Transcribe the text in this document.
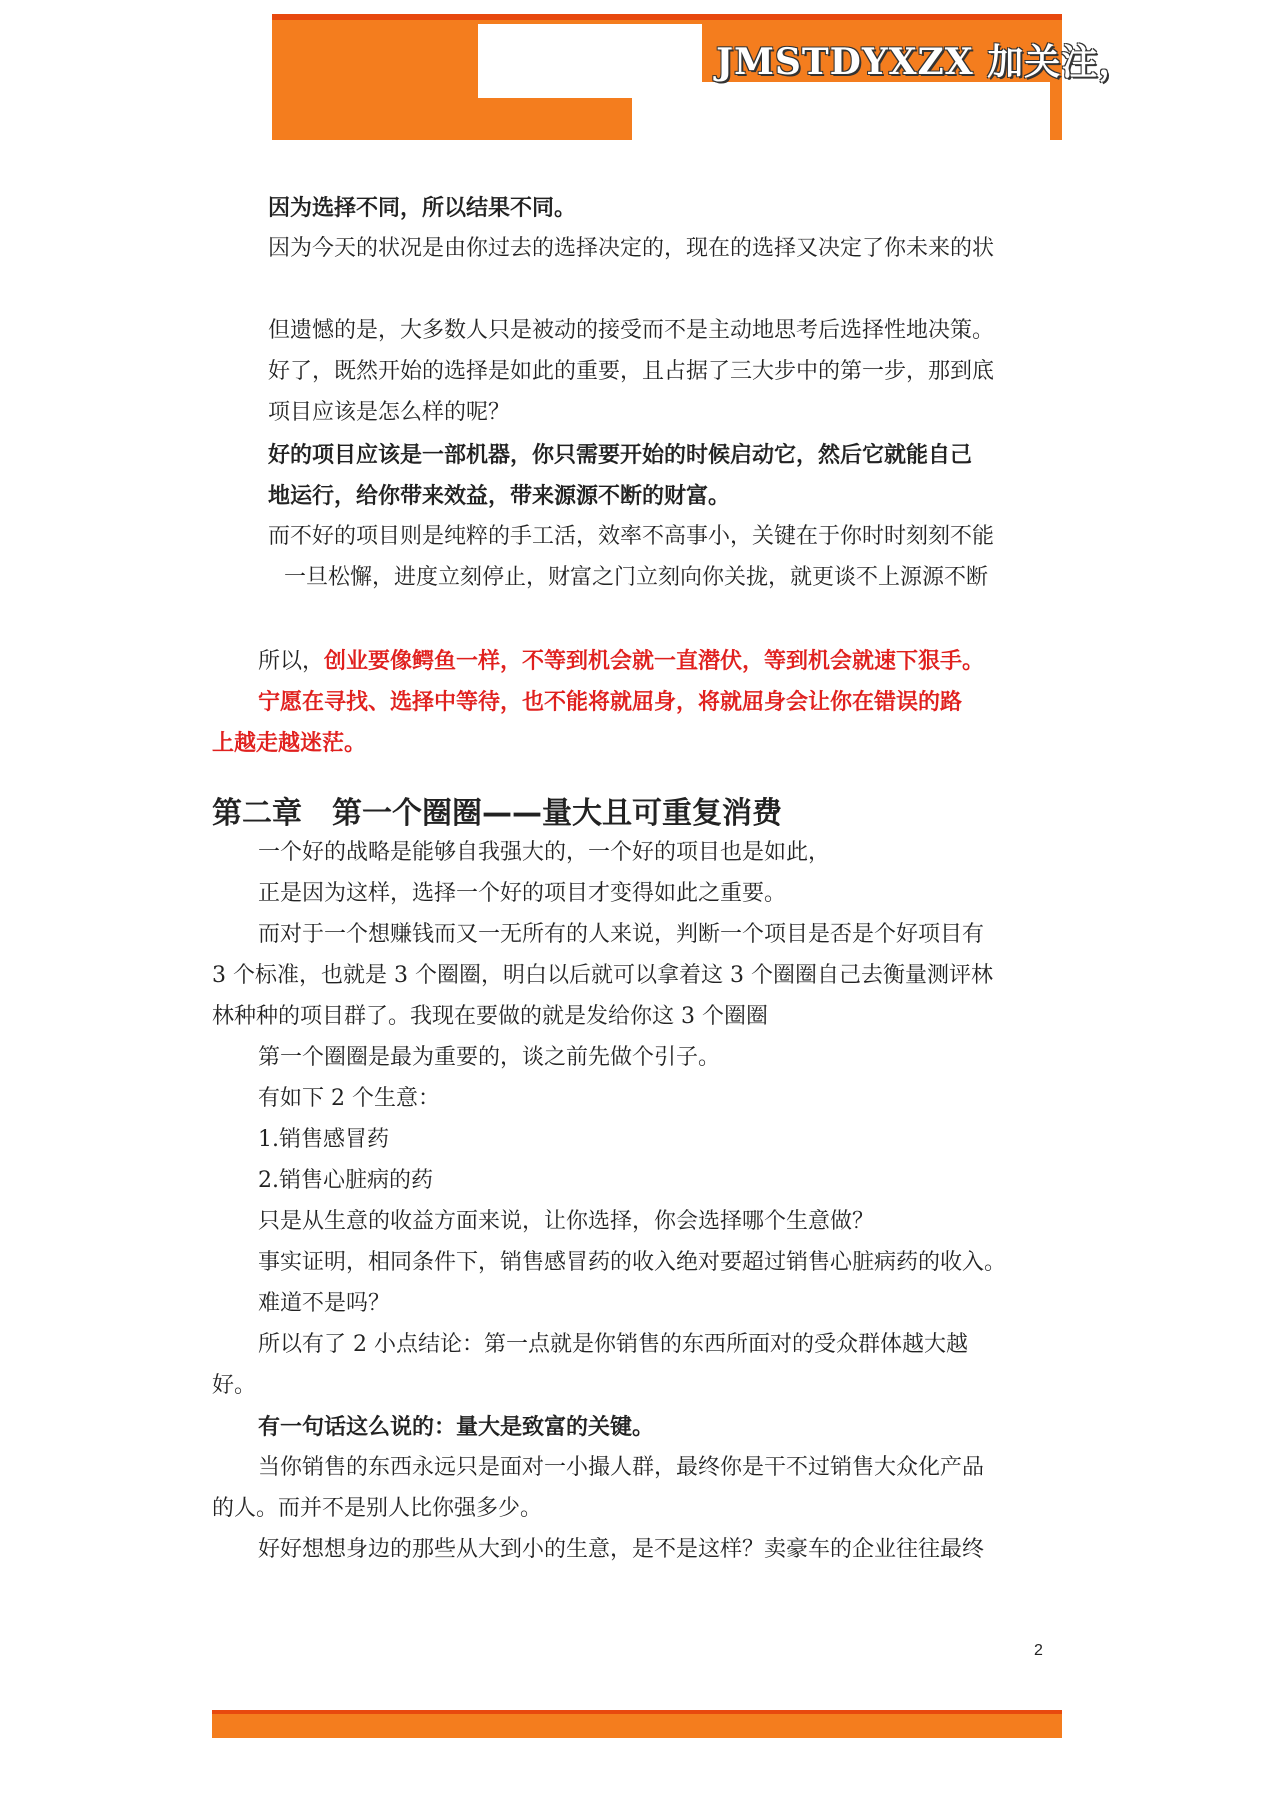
JMSTDYXZX 加关注，
因为选择不同，所以结果不同。
因为今天的状况是由你过去的选择决定的，现在的选择又决定了你未来的状
但遗憾的是，大多数人只是被动的接受而不是主动地思考后选择性地决策。
好了，既然开始的选择是如此的重要，且占据了三大步中的第一步，那到底
项目应该是怎么样的呢？
好的项目应该是一部机器，你只需要开始的时候启动它，然后它就能自己
地运行，给你带来效益，带来源源不断的财富。
而不好的项目则是纯粹的手工活，效率不高事小，关键在于你时时刻刻不能
一旦松懈，进度立刻停止，财富之门立刻向你关拢，就更谈不上源源不断
所以，创业要像鳄鱼一样，不等到机会就一直潜伏，等到机会就速下狠手。
宁愿在寻找、选择中等待，也不能将就屈身，将就屈身会让你在错误的路
上越走越迷茫。
第二章　第一个圈圈——量大且可重复消费
一个好的战略是能够自我强大的，一个好的项目也是如此，
正是因为这样，选择一个好的项目才变得如此之重要。
而对于一个想赚钱而又一无所有的人来说，判断一个项目是否是个好项目有
3 个标准，也就是 3 个圈圈，明白以后就可以拿着这 3 个圈圈自己去衡量测评林
林种种的项目群了。我现在要做的就是发给你这 3 个圈圈
第一个圈圈是最为重要的，谈之前先做个引子。
有如下 2 个生意：
1.销售感冒药
2.销售心脏病的药
只是从生意的收益方面来说，让你选择，你会选择哪个生意做？
事实证明，相同条件下，销售感冒药的收入绝对要超过销售心脏病药的收入。
难道不是吗？
所以有了 2 小点结论：第一点就是你销售的东西所面对的受众群体越大越
好。
有一句话这么说的：量大是致富的关键。
当你销售的东西永远只是面对一小撮人群，最终你是干不过销售大众化产品
的人。而并不是别人比你强多少。
好好想想身边的那些从大到小的生意，是不是这样？卖豪车的企业往往最终
2
